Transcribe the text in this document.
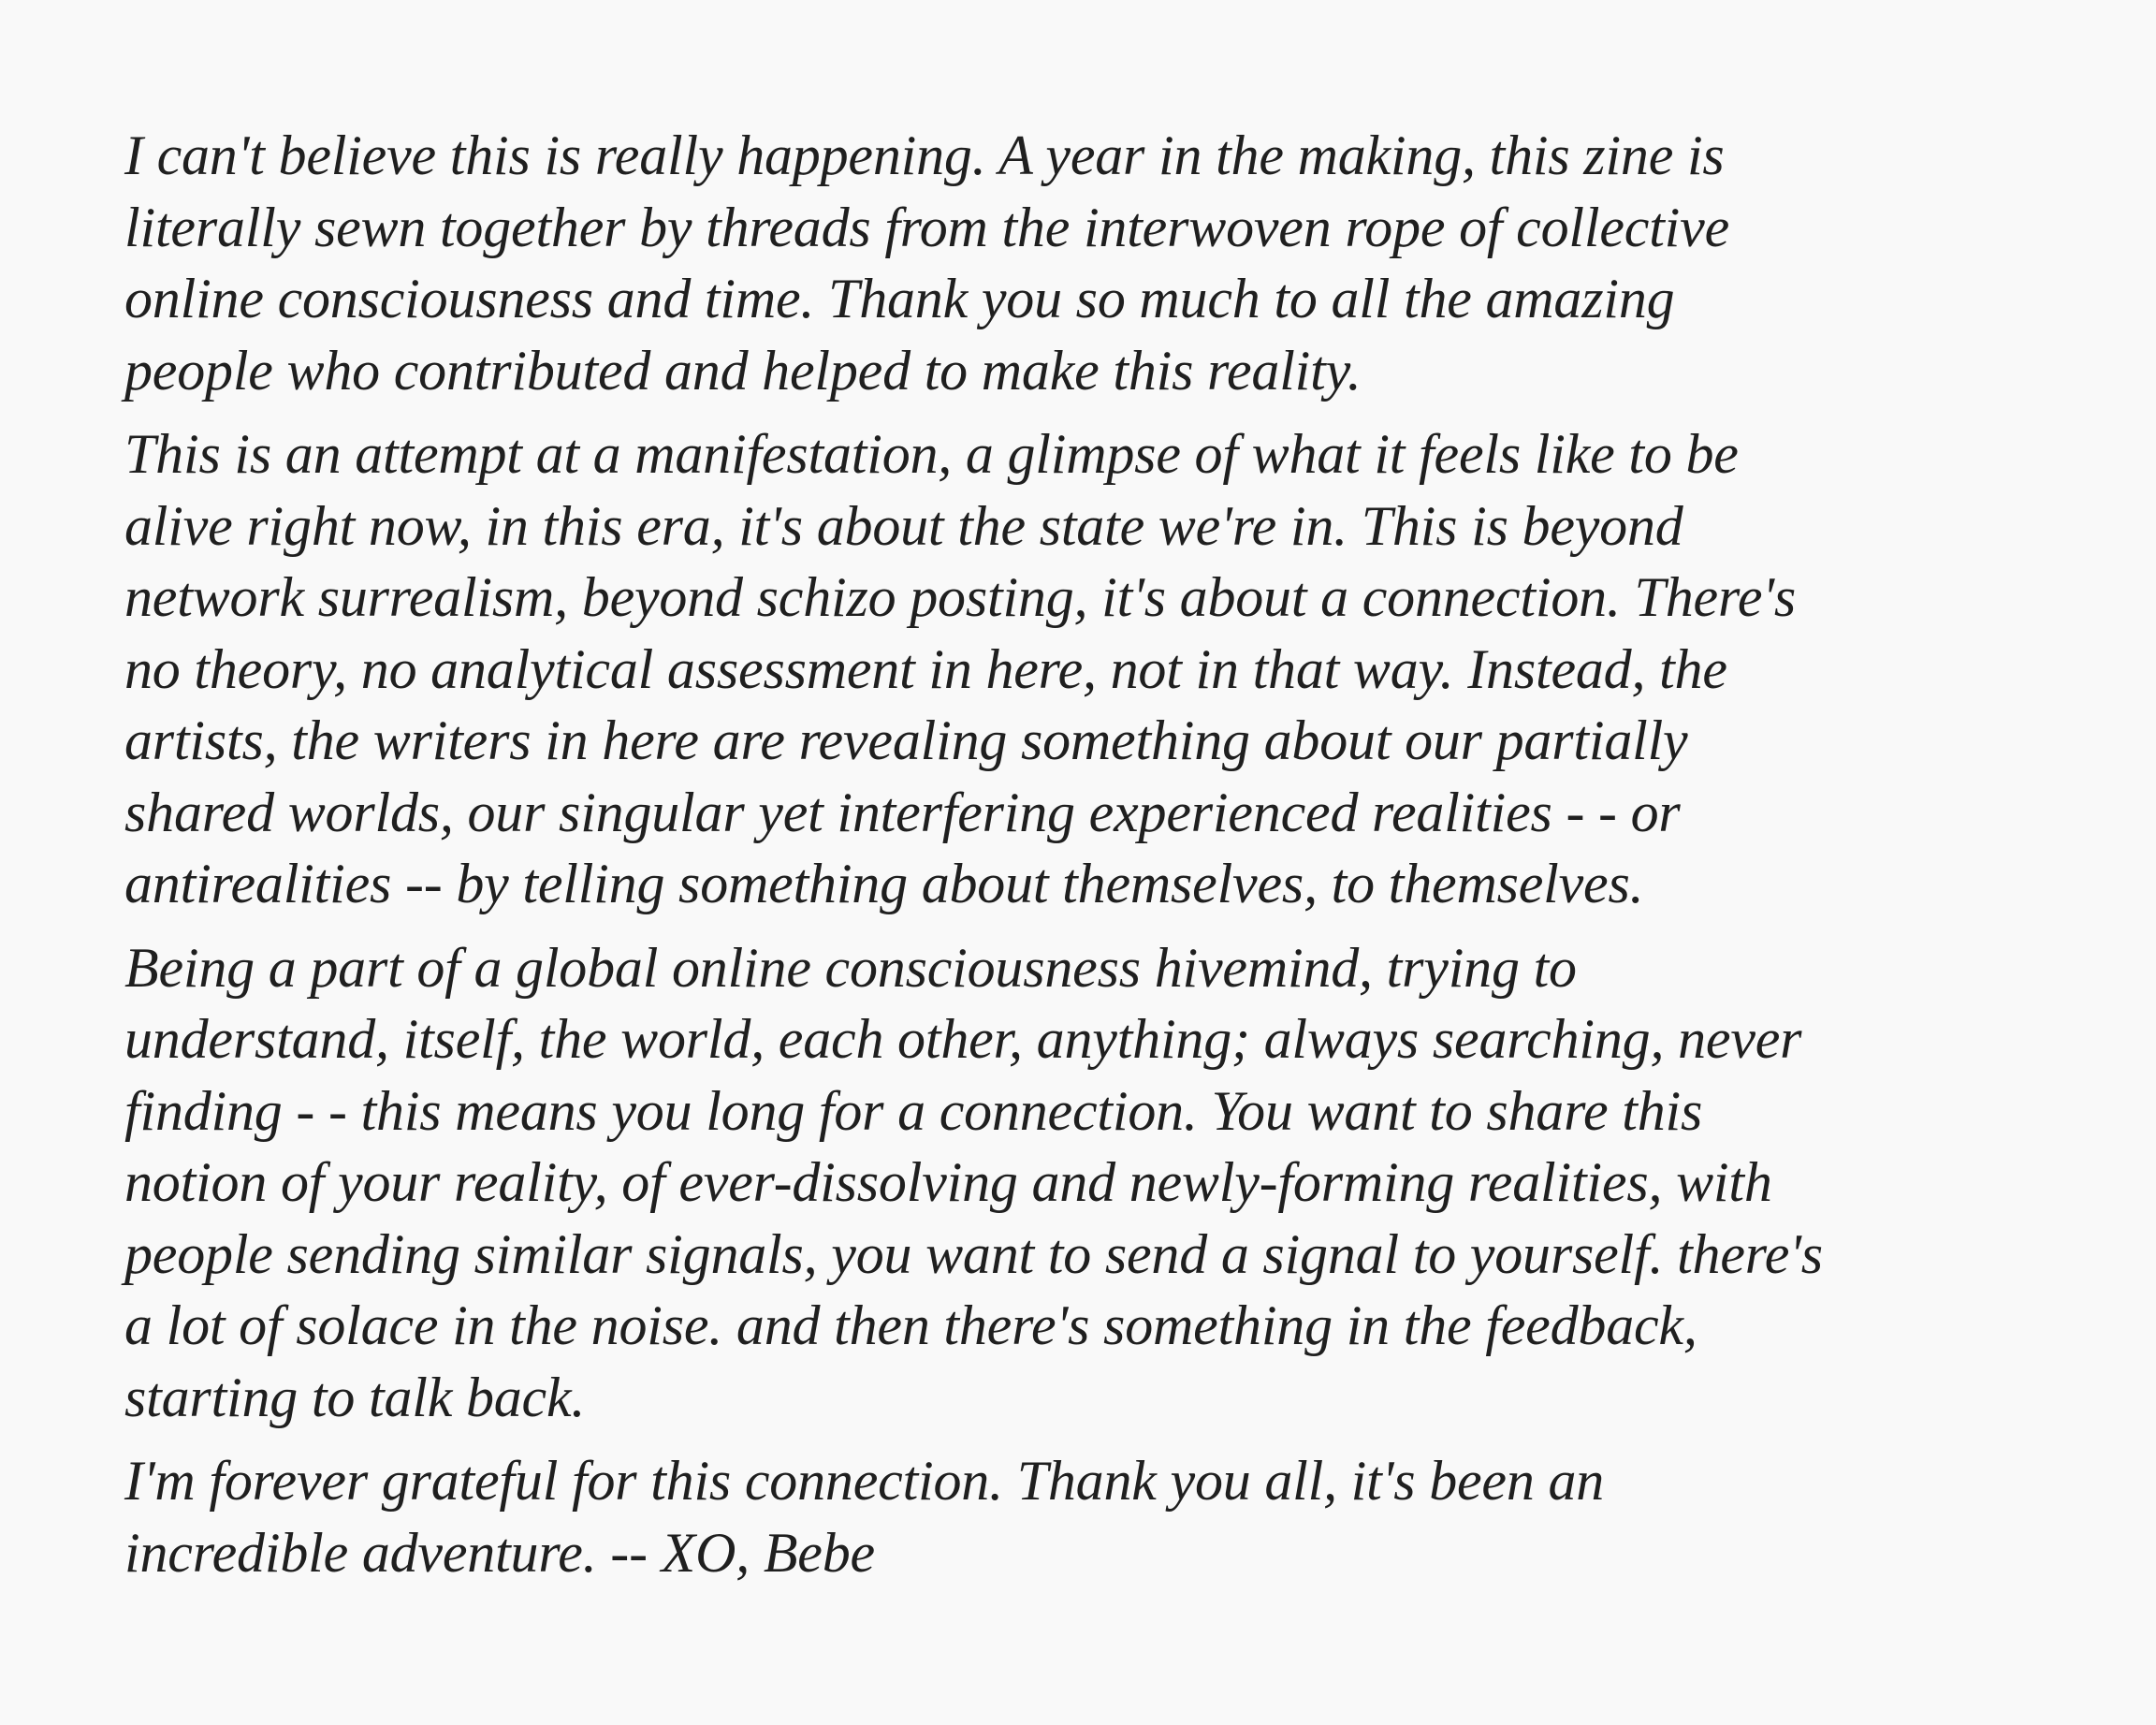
I can't believe this is really happening. A year in the making, this zine is
literally sewn together by threads from the interwoven rope of collective
online consciousness and time. Thank you so much to all the amazing
people who contributed and helped to make this reality.

This is an attempt at a manifestation, a glimpse of what it feels like to be
alive right now, in this era, it's about the state we're in. This is beyond
network surrealism, beyond schizo posting, it's about a connection. There's
no theory, no analytical assessment in here, not in that way. Instead, the
artists, the writers in here are revealing something about our partially
shared worlds, our singular yet interfering experienced realities - - or
antirealities -- by telling something about themselves, to themselves.

Being a part of a global online consciousness hivemind, trying to
understand, itself, the world, each other, anything; always searching, never
finding - - this means you long for a connection. You want to share this
notion of your reality, of ever-dissolving and newly-forming realities, with
people sending similar signals, you want to send a signal to yourself. there's
a lot of solace in the noise. and then there's something in the feedback,
starting to talk back.

I'm forever grateful for this connection. Thank you all, it's been an
incredible adventure. -- XO, Bebe
